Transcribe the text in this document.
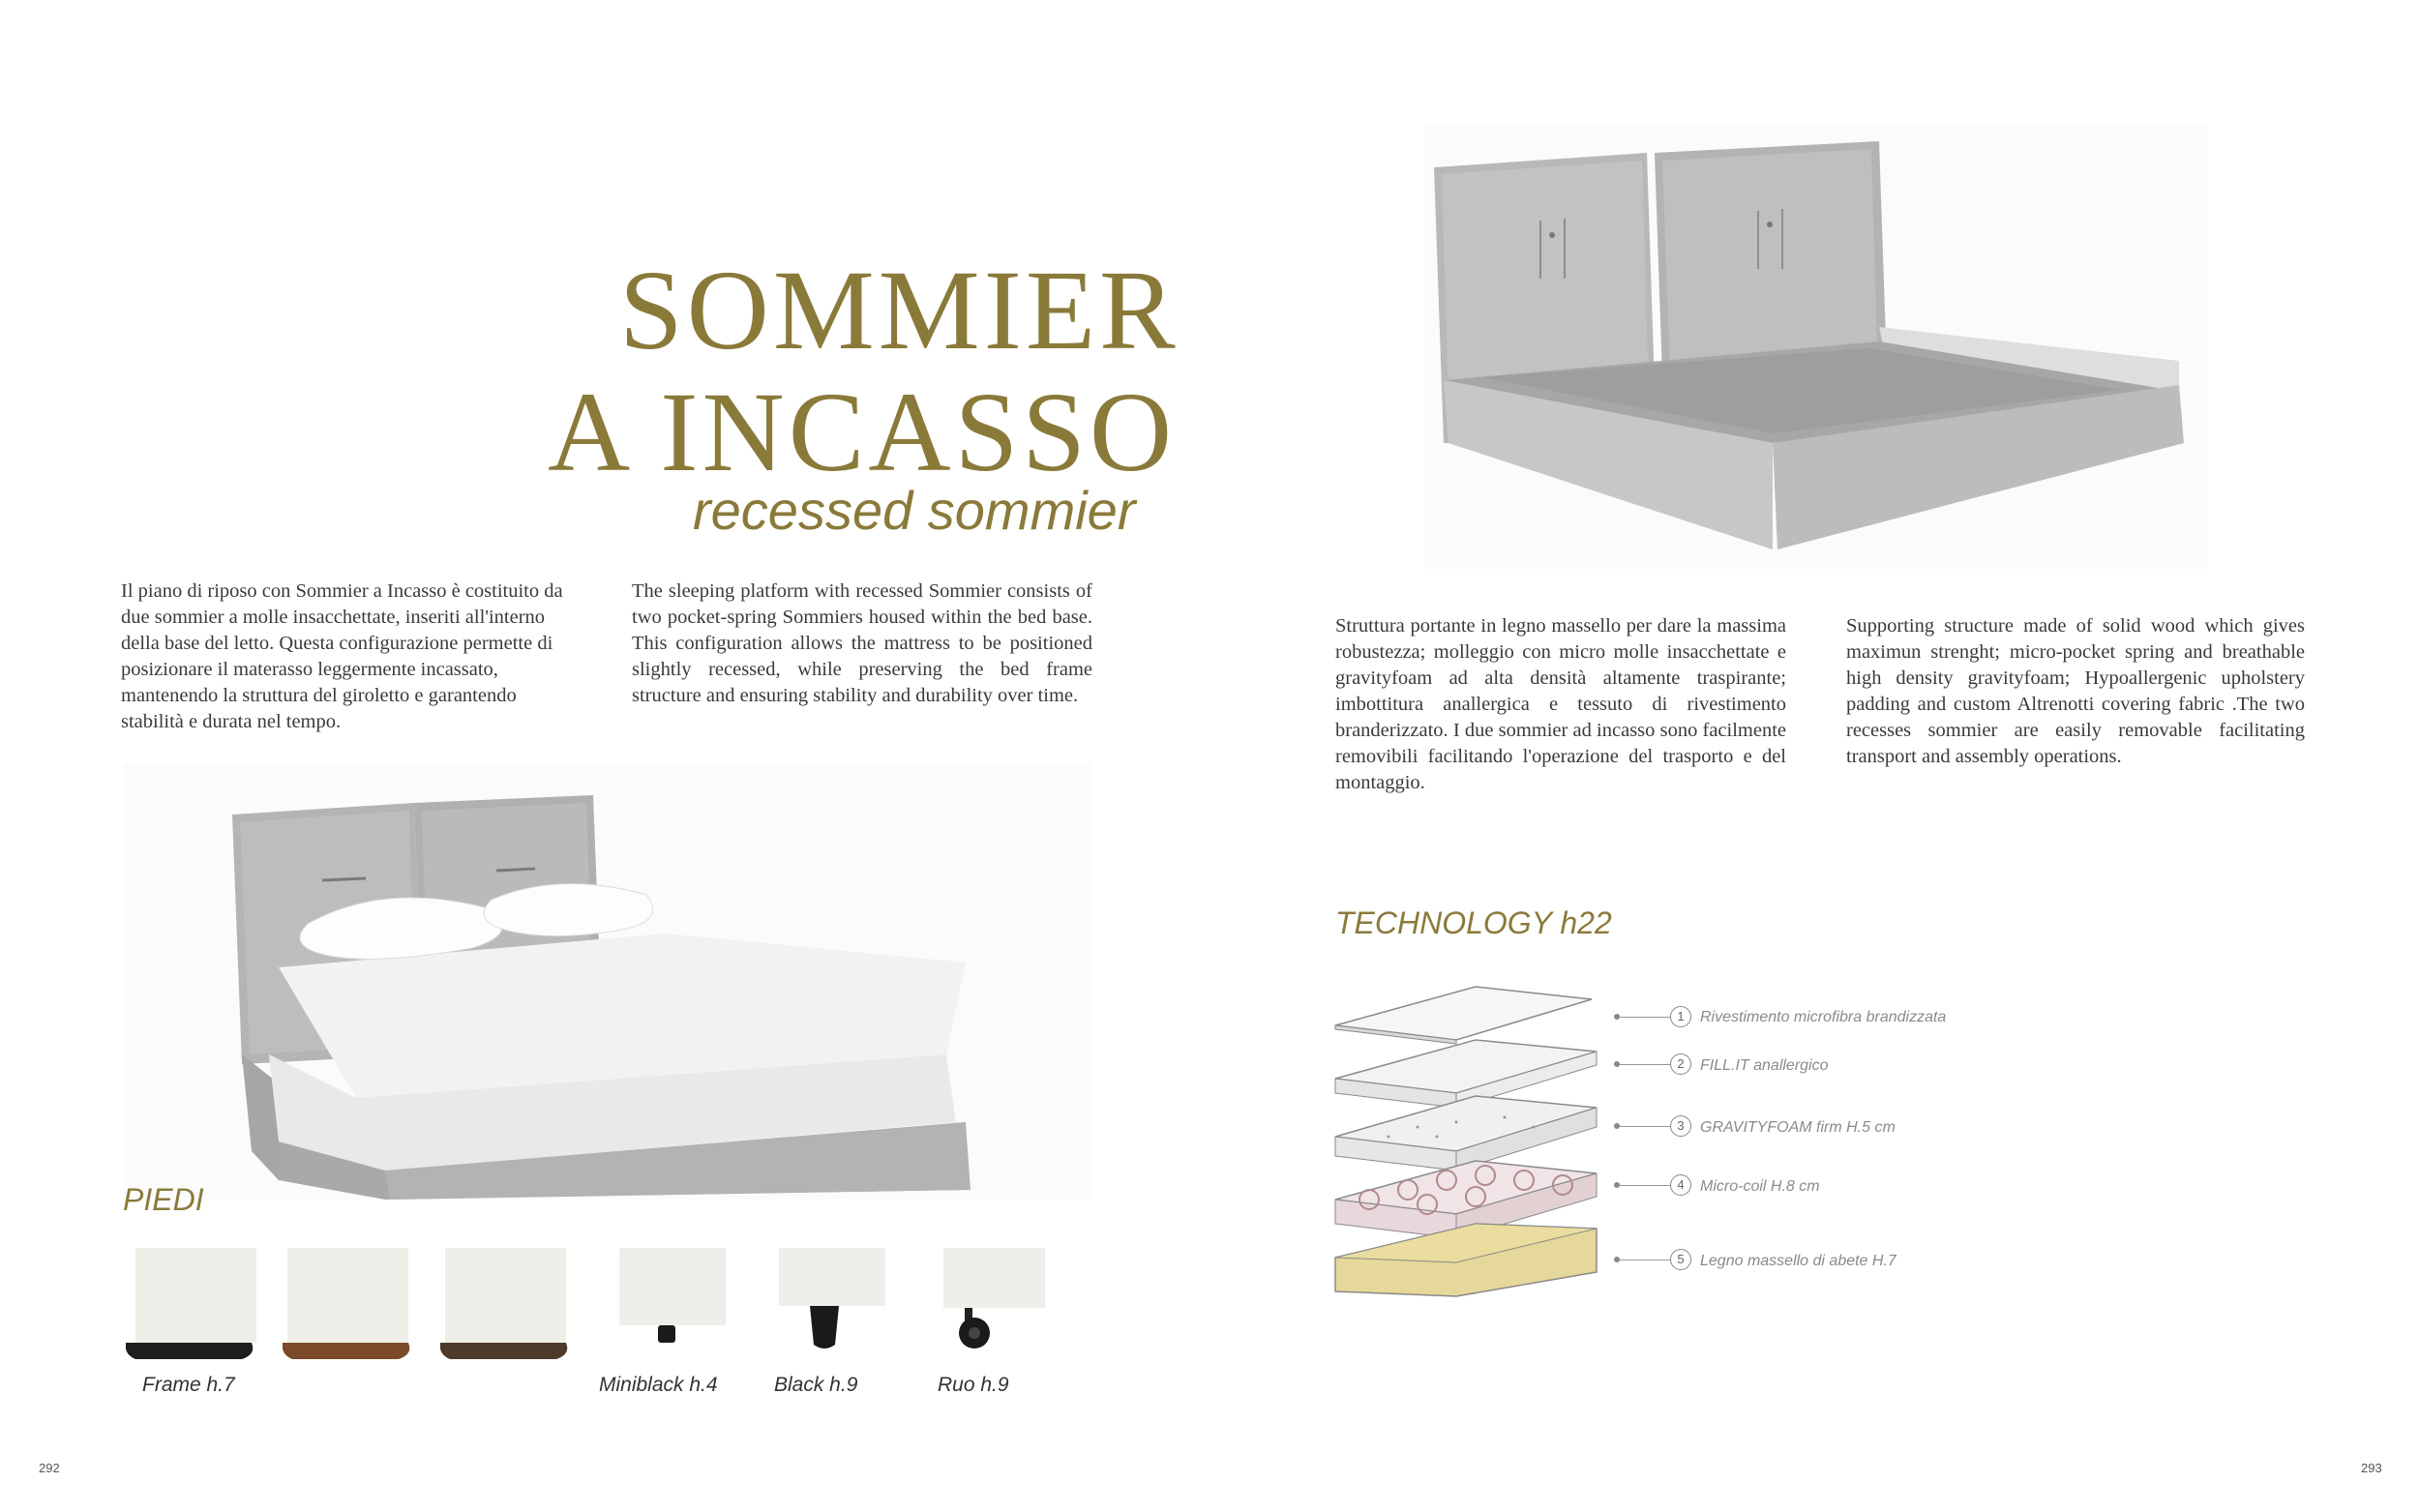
SOMMIER
A INCASSO
recessed sommier
Il piano di riposo con Sommier a Incasso è costituito da due sommier a molle insacchettate, inseriti all'interno della base del letto. Questa configurazione permette di posizionare il materasso leggermente incassato, mantenendo la struttura del giroletto e garantendo stabilità e durata nel tempo.
The sleeping platform with recessed Sommier consists of two pocket-spring Sommiers housed within the bed base. This configuration allows the mattress to be positioned slightly recessed, while preserving the bed frame structure and ensuring stability and durability over time.
PIEDI
Frame h.7	Miniblack h.4	Black h.9	Ruo h.9
292
Struttura portante in legno massello per dare la massima robustezza; molleggio con micro molle insacchettate e gravityfoam ad alta densità altamente traspirante; imbottitura anallergica e tessuto di rivestimento branderizzato. I due sommier ad incasso sono facilmente removibili facilitando l'operazione del trasporto e del montaggio.
Supporting structure made of solid wood which gives maximun strenght; micro-pocket spring and breathable high density gravityfoam; Hypoallergenic upholstery padding and custom Altrenotti covering fabric .The two recesses sommier are easily removable facilitating transport and assembly operations.
TECHNOLOGY h22
1	Rivestimento microfibra brandizzata
2	FILL.IT anallergico
3	GRAVITYFOAM firm H.5 cm
4	Micro-coil H.8 cm
5	Legno massello di abete H.7
293
